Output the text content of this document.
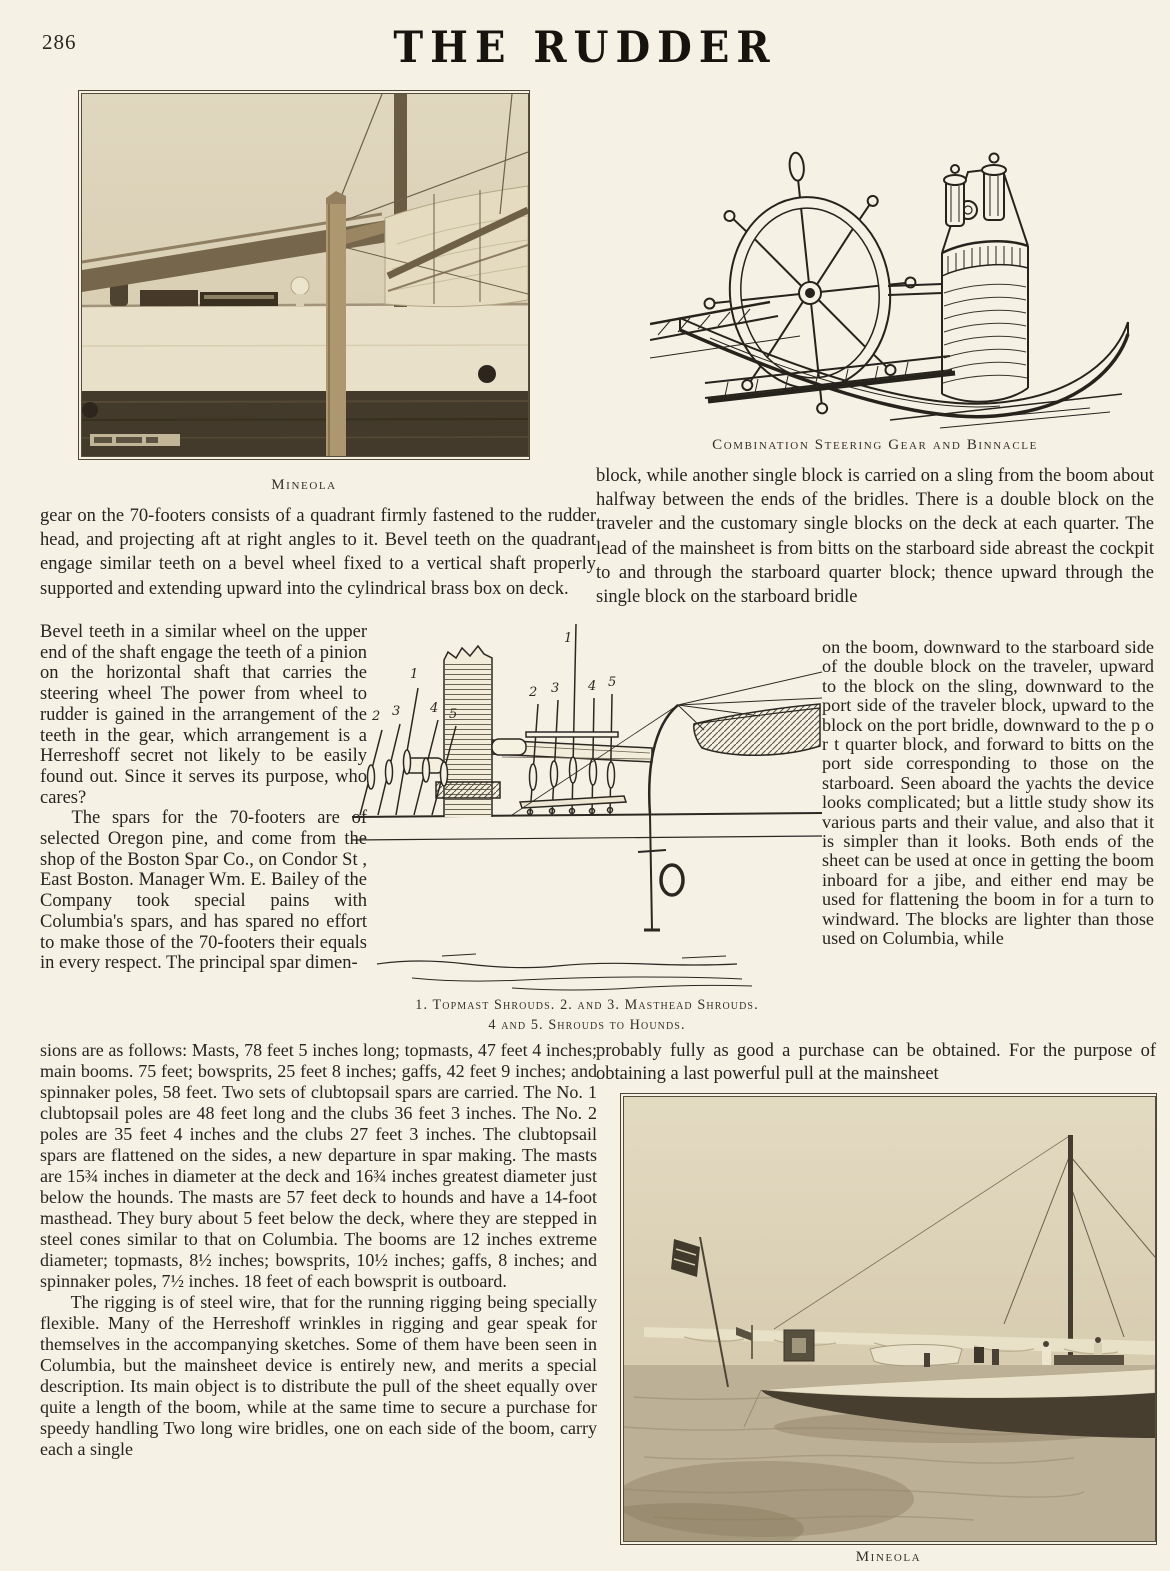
286	THE RUDDER
Mineola
Combination Steering Gear and Binnacle

gear on the 70-footers consists of a quadrant firmly fastened to the rudder head, and projecting aft at right angles to it. Bevel teeth on the quadrant engage similar teeth on a bevel wheel fixed to a vertical shaft properly supported and extending upward into the cylindrical brass box on deck.

Bevel teeth in a similar wheel on the upper end of the shaft engage the teeth of a pinion on the horizontal shaft that carries the steering wheel The power from wheel to rudder is gained in the arrangement of the teeth in the gear, which arrangement is a Herreshoff secret not likely to be easily found out. Since it serves its purpose, who cares?

The spars for the 70-footers are of selected Oregon pine, and come from the shop of the Boston Spar Co., on Condor St , East Boston. Manager Wm. E. Bailey of the Company took special pains with Columbia's spars, and has spared no effort to make those of the 70-footers their equals in every respect. The principal spar dimen-

sions are as follows: Masts, 78 feet 5 inches long; topmasts, 47 feet 4 inches; main booms. 75 feet; bowsprits, 25 feet 8 inches; gaffs, 42 feet 9 inches; and spinnaker poles, 58 feet. Two sets of clubtopsail spars are carried. The No. 1 clubtopsail poles are 48 feet long and the clubs 36 feet 3 inches. The No. 2 poles are 35 feet 4 inches and the clubs 27 feet 3 inches. The clubtopsail spars are flattened on the sides, a new departure in spar making. The masts are 15¾ inches in diameter at the deck and 16¾ inches greatest diameter just below the hounds. The masts are 57 feet deck to hounds and have a 14-foot masthead. They bury about 5 feet below the deck, where they are stepped in steel cones similar to that on Columbia. The booms are 12 inches extreme diameter; topmasts, 8½ inches; bowsprits, 10½ inches; gaffs, 8 inches; and spinnaker poles, 7½ inches. 18 feet of each bowsprit is outboard.

The rigging is of steel wire, that for the running rigging being specially flexible. Many of the Herreshoff wrinkles in rigging and gear speak for themselves in the accompanying sketches. Some of them have been seen in Columbia, but the mainsheet device is entirely new, and merits a special description. Its main object is to distribute the pull of the sheet equally over quite a length of the boom, while at the same time to secure a purchase for speedy handling Two long wire bridles, one on each side of the boom, carry each a single

block, while another single block is carried on a sling from the boom about halfway between the ends of the bridles. There is a double block on the traveler and the customary single blocks on the deck at each quarter. The lead of the mainsheet is from bitts on the starboard side abreast the cockpit to and through the starboard quarter block; thence upward through the single block on the starboard bridle

on the boom, downward to the starboard side of the double block on the traveler, upward to the block on the sling, downward to the port side of the traveler block, upward to the block on the port bridle, downward to the p o r t quarter block, and forward to bitts on the port side corresponding to those on the starboard. Seen aboard the yachts the device looks complicated; but a little study show its various parts and their value, and also that it is simpler than it looks. Both ends of the sheet can be used at once in getting the boom inboard for a jibe, and either end may be used for flattening the boom in for a turn to windward. The blocks are lighter than those used on Columbia, while

probably fully as good a purchase can be obtained. For the purpose of obtaining a last powerful pull at the mainsheet

2 3
1
4 5
2 3
1
4 5
1. Topmast Shrouds. 2. and 3. Masthead Shrouds.
4 and 5. Shrouds to Hounds.
Mineola
